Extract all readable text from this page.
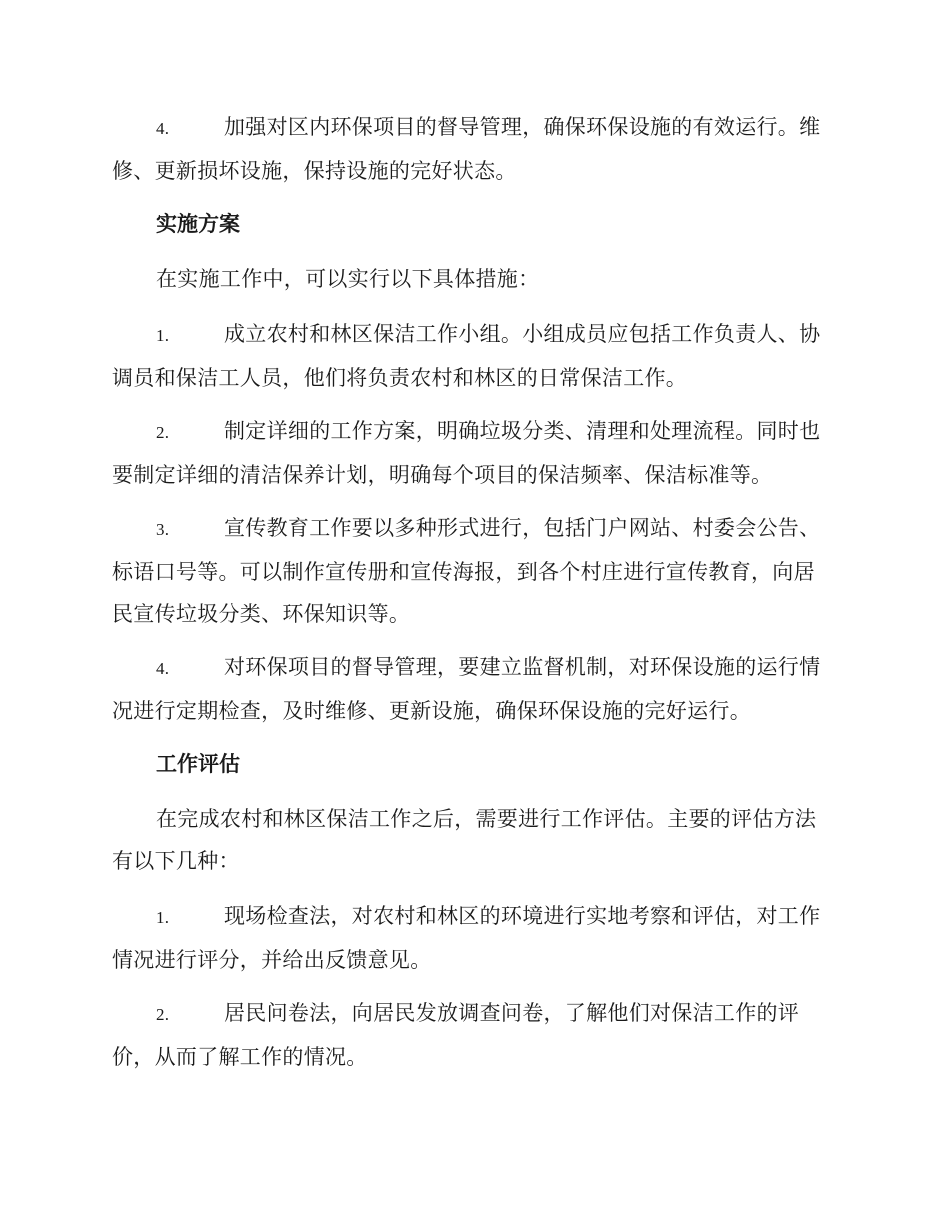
4.	加强对区内环保项目的督导管理，确保环保设施的有效运行。维修、更新损坏设施，保持设施的完好状态。
实施方案
在实施工作中，可以实行以下具体措施：
1.	成立农村和林区保洁工作小组。小组成员应包括工作负责人、协调员和保洁工人员，他们将负责农村和林区的日常保洁工作。
2.	制定详细的工作方案，明确垃圾分类、清理和处理流程。同时也要制定详细的清洁保养计划，明确每个项目的保洁频率、保洁标准等。
3.	宣传教育工作要以多种形式进行，包括门户网站、村委会公告、标语口号等。可以制作宣传册和宣传海报，到各个村庄进行宣传教育，向居民宣传垃圾分类、环保知识等。
4.	对环保项目的督导管理，要建立监督机制，对环保设施的运行情况进行定期检查，及时维修、更新设施，确保环保设施的完好运行。
工作评估
在完成农村和林区保洁工作之后，需要进行工作评估。主要的评估方法有以下几种：
1.	现场检查法，对农村和林区的环境进行实地考察和评估，对工作情况进行评分，并给出反馈意见。
2.	居民问卷法，向居民发放调查问卷，了解他们对保洁工作的评价，从而了解工作的情况。
